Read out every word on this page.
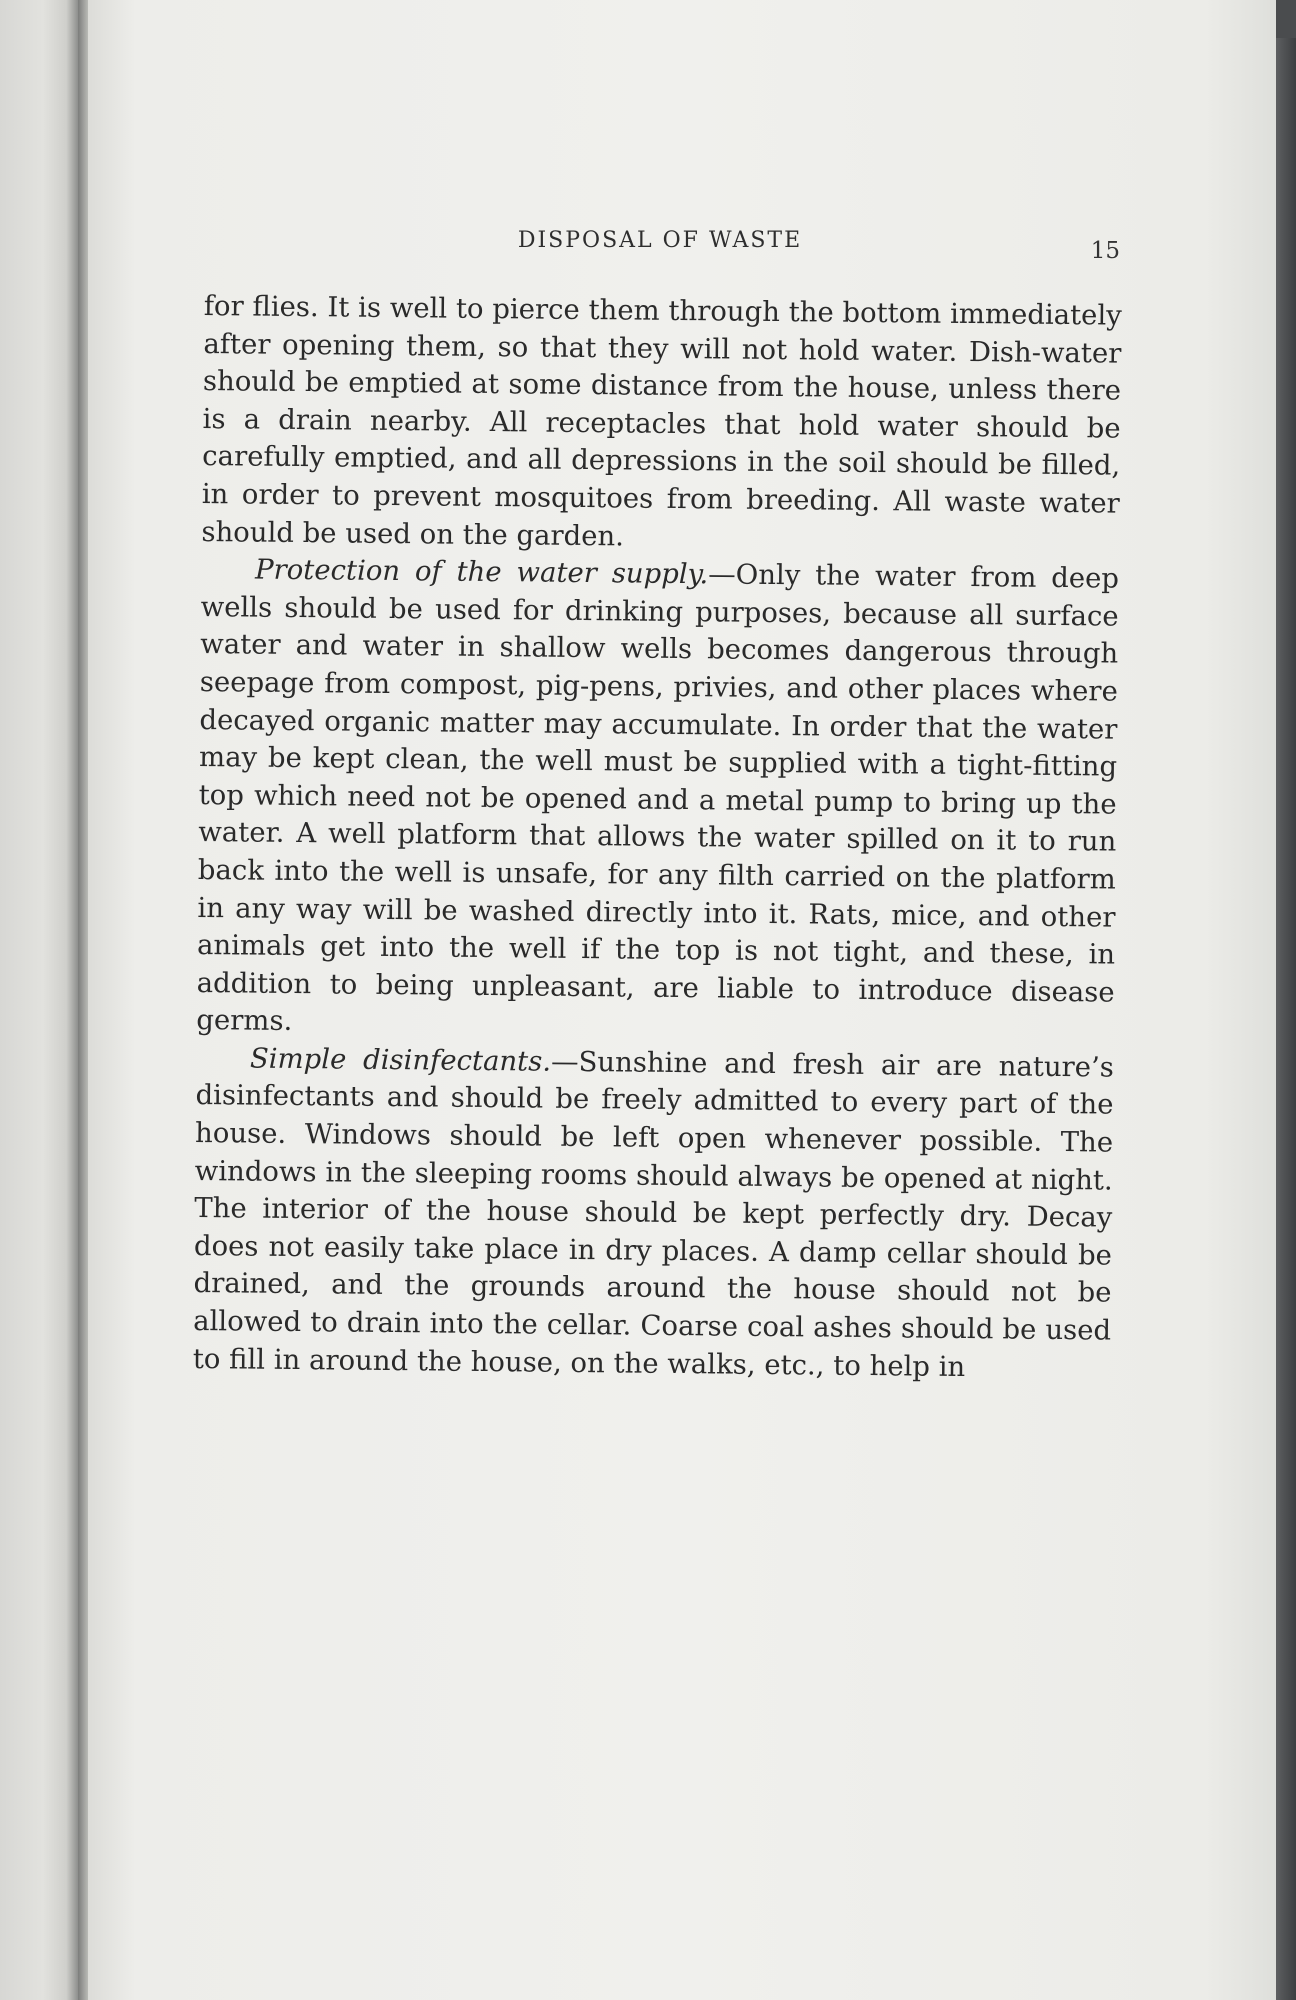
DISPOSAL OF WASTE	15

for flies. It is well to pierce them through the bottom immediately after opening them, so that they will not hold water. Dish-water should be emptied at some distance from the house, unless there is a drain nearby. All receptacles that hold water should be carefully emptied, and all depressions in the soil should be filled, in order to prevent mosquitoes from breeding. All waste water should be used on the garden.

Protection of the water supply.—Only the water from deep wells should be used for drinking purposes, because all surface water and water in shallow wells becomes dangerous through seepage from compost, pig-pens, privies, and other places where decayed organic matter may accumulate. In order that the water may be kept clean, the well must be supplied with a tight-fitting top which need not be opened and a metal pump to bring up the water. A well platform that allows the water spilled on it to run back into the well is unsafe, for any filth carried on the platform in any way will be washed directly into it. Rats, mice, and other animals get into the well if the top is not tight, and these, in addition to being unpleasant, are liable to introduce disease germs.

Simple disinfectants.—Sunshine and fresh air are nature’s disinfectants and should be freely admitted to every part of the house. Windows should be left open whenever possible. The windows in the sleeping rooms should always be opened at night. The interior of the house should be kept perfectly dry. Decay does not easily take place in dry places. A damp cellar should be drained, and the grounds around the house should not be allowed to drain into the cellar. Coarse coal ashes should be used to fill in around the house, on the walks, etc., to help in
